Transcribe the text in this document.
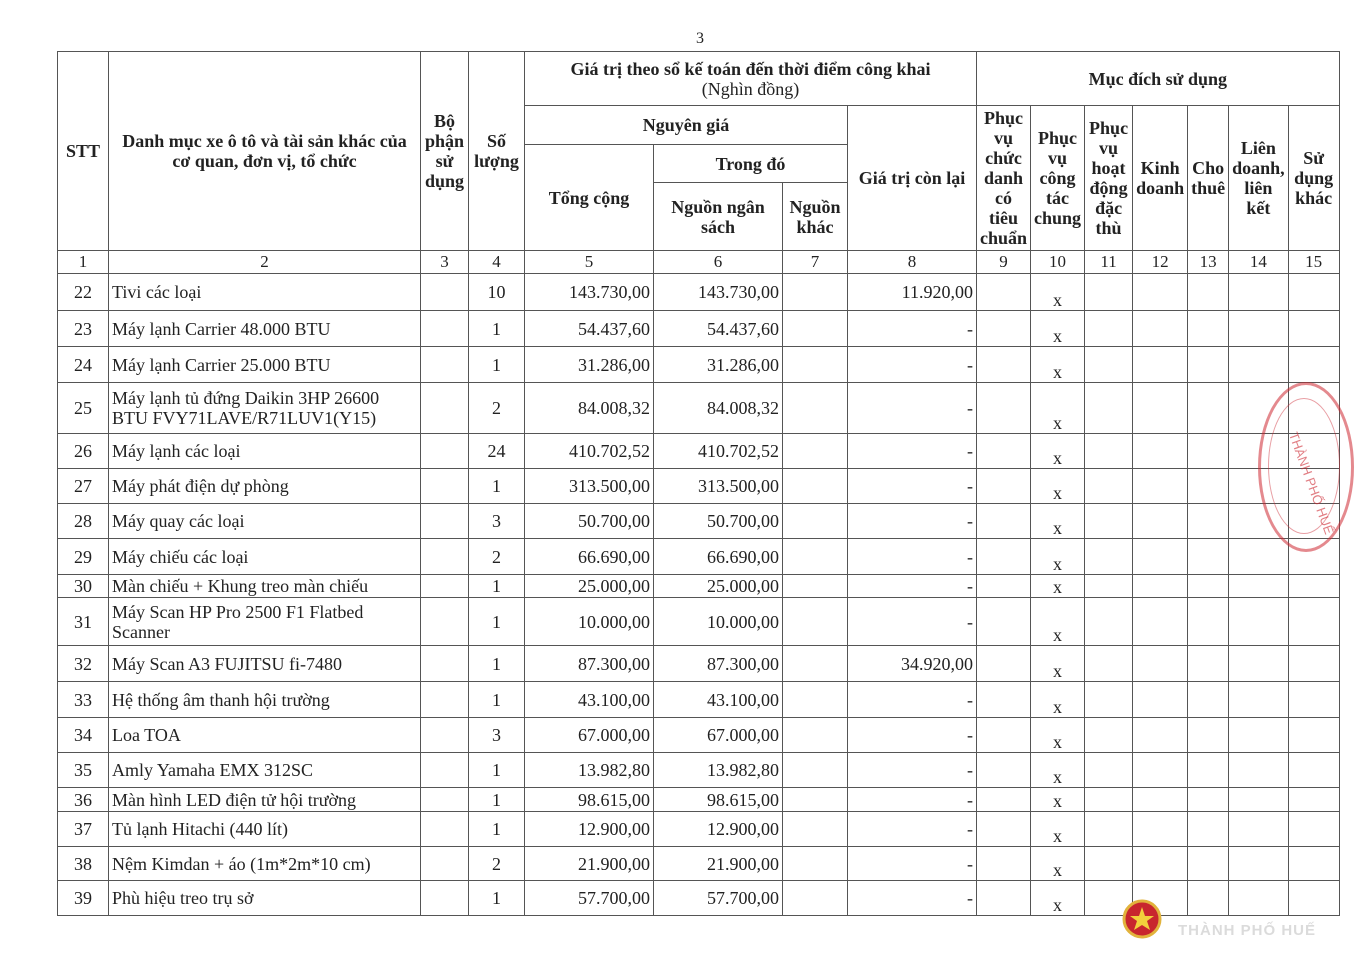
3
STT	Danh mục xe ô tô và tài sản khác của cơ quan, đơn vị, tổ chức	Bộ phận sử dụng	Số lượng	Giá trị theo sổ kế toán đến thời điểm công khai
(Nghìn đồng)				Mục đích sử dụng						
				Nguyên giá			Giá trị còn lại	Phục vụ chức danh có tiêu chuẩn	Phục vụ công tác chung	Phục vụ hoạt động đặc thù	Kinh doanh	Cho thuê	Liên doanh, liên kết	Sử dụng khác
				Tổng cộng	Trong đó									
					Nguồn ngân sách	Nguồn khác								
1	2	3	4	5	6	7	8	9	10	11	12	13	14	15
22	Tivi các loại		10	143.730,00	143.730,00		11.920,00		x					
23	Máy lạnh Carrier 48.000 BTU		1	54.437,60	54.437,60		-		x					
24	Máy lạnh Carrier 25.000 BTU		1	31.286,00	31.286,00		-		x					
25	Máy lạnh tủ đứng Daikin 3HP 26600
BTU FVY71LAVE/R71LUV1(Y15)		2	84.008,32	84.008,32		-		x					
26	Máy lạnh các loại		24	410.702,52	410.702,52		-		x					
27	Máy phát điện dự phòng		1	313.500,00	313.500,00		-		x					
28	Máy quay các loại		3	50.700,00	50.700,00		-		x					
29	Máy chiếu các loại		2	66.690,00	66.690,00		-		x					
30	Màn chiếu + Khung treo màn chiếu		1	25.000,00	25.000,00		-		x					
31	Máy Scan HP Pro 2500 F1 Flatbed
Scanner		1	10.000,00	10.000,00		-		x					
32	Máy Scan A3 FUJITSU fi-7480		1	87.300,00	87.300,00		34.920,00		x					
33	Hệ thống âm thanh hội trường		1	43.100,00	43.100,00		-		x					
34	Loa TOA		3	67.000,00	67.000,00		-		x					
35	Amly Yamaha EMX 312SC		1	13.982,80	13.982,80		-		x					
36	Màn hình LED điện tử hội trường		1	98.615,00	98.615,00		-		x					
37	Tủ lạnh Hitachi (440 lít)		1	12.900,00	12.900,00		-		x					
38	Nệm Kimdan + áo (1m*2m*10 cm)		2	21.900,00	21.900,00		-		x					
39	Phù hiệu treo trụ sở		1	57.700,00	57.700,00		-		x					
THÀNH PHỐ HUẾ
THÀNH PHỐ HUẾ
